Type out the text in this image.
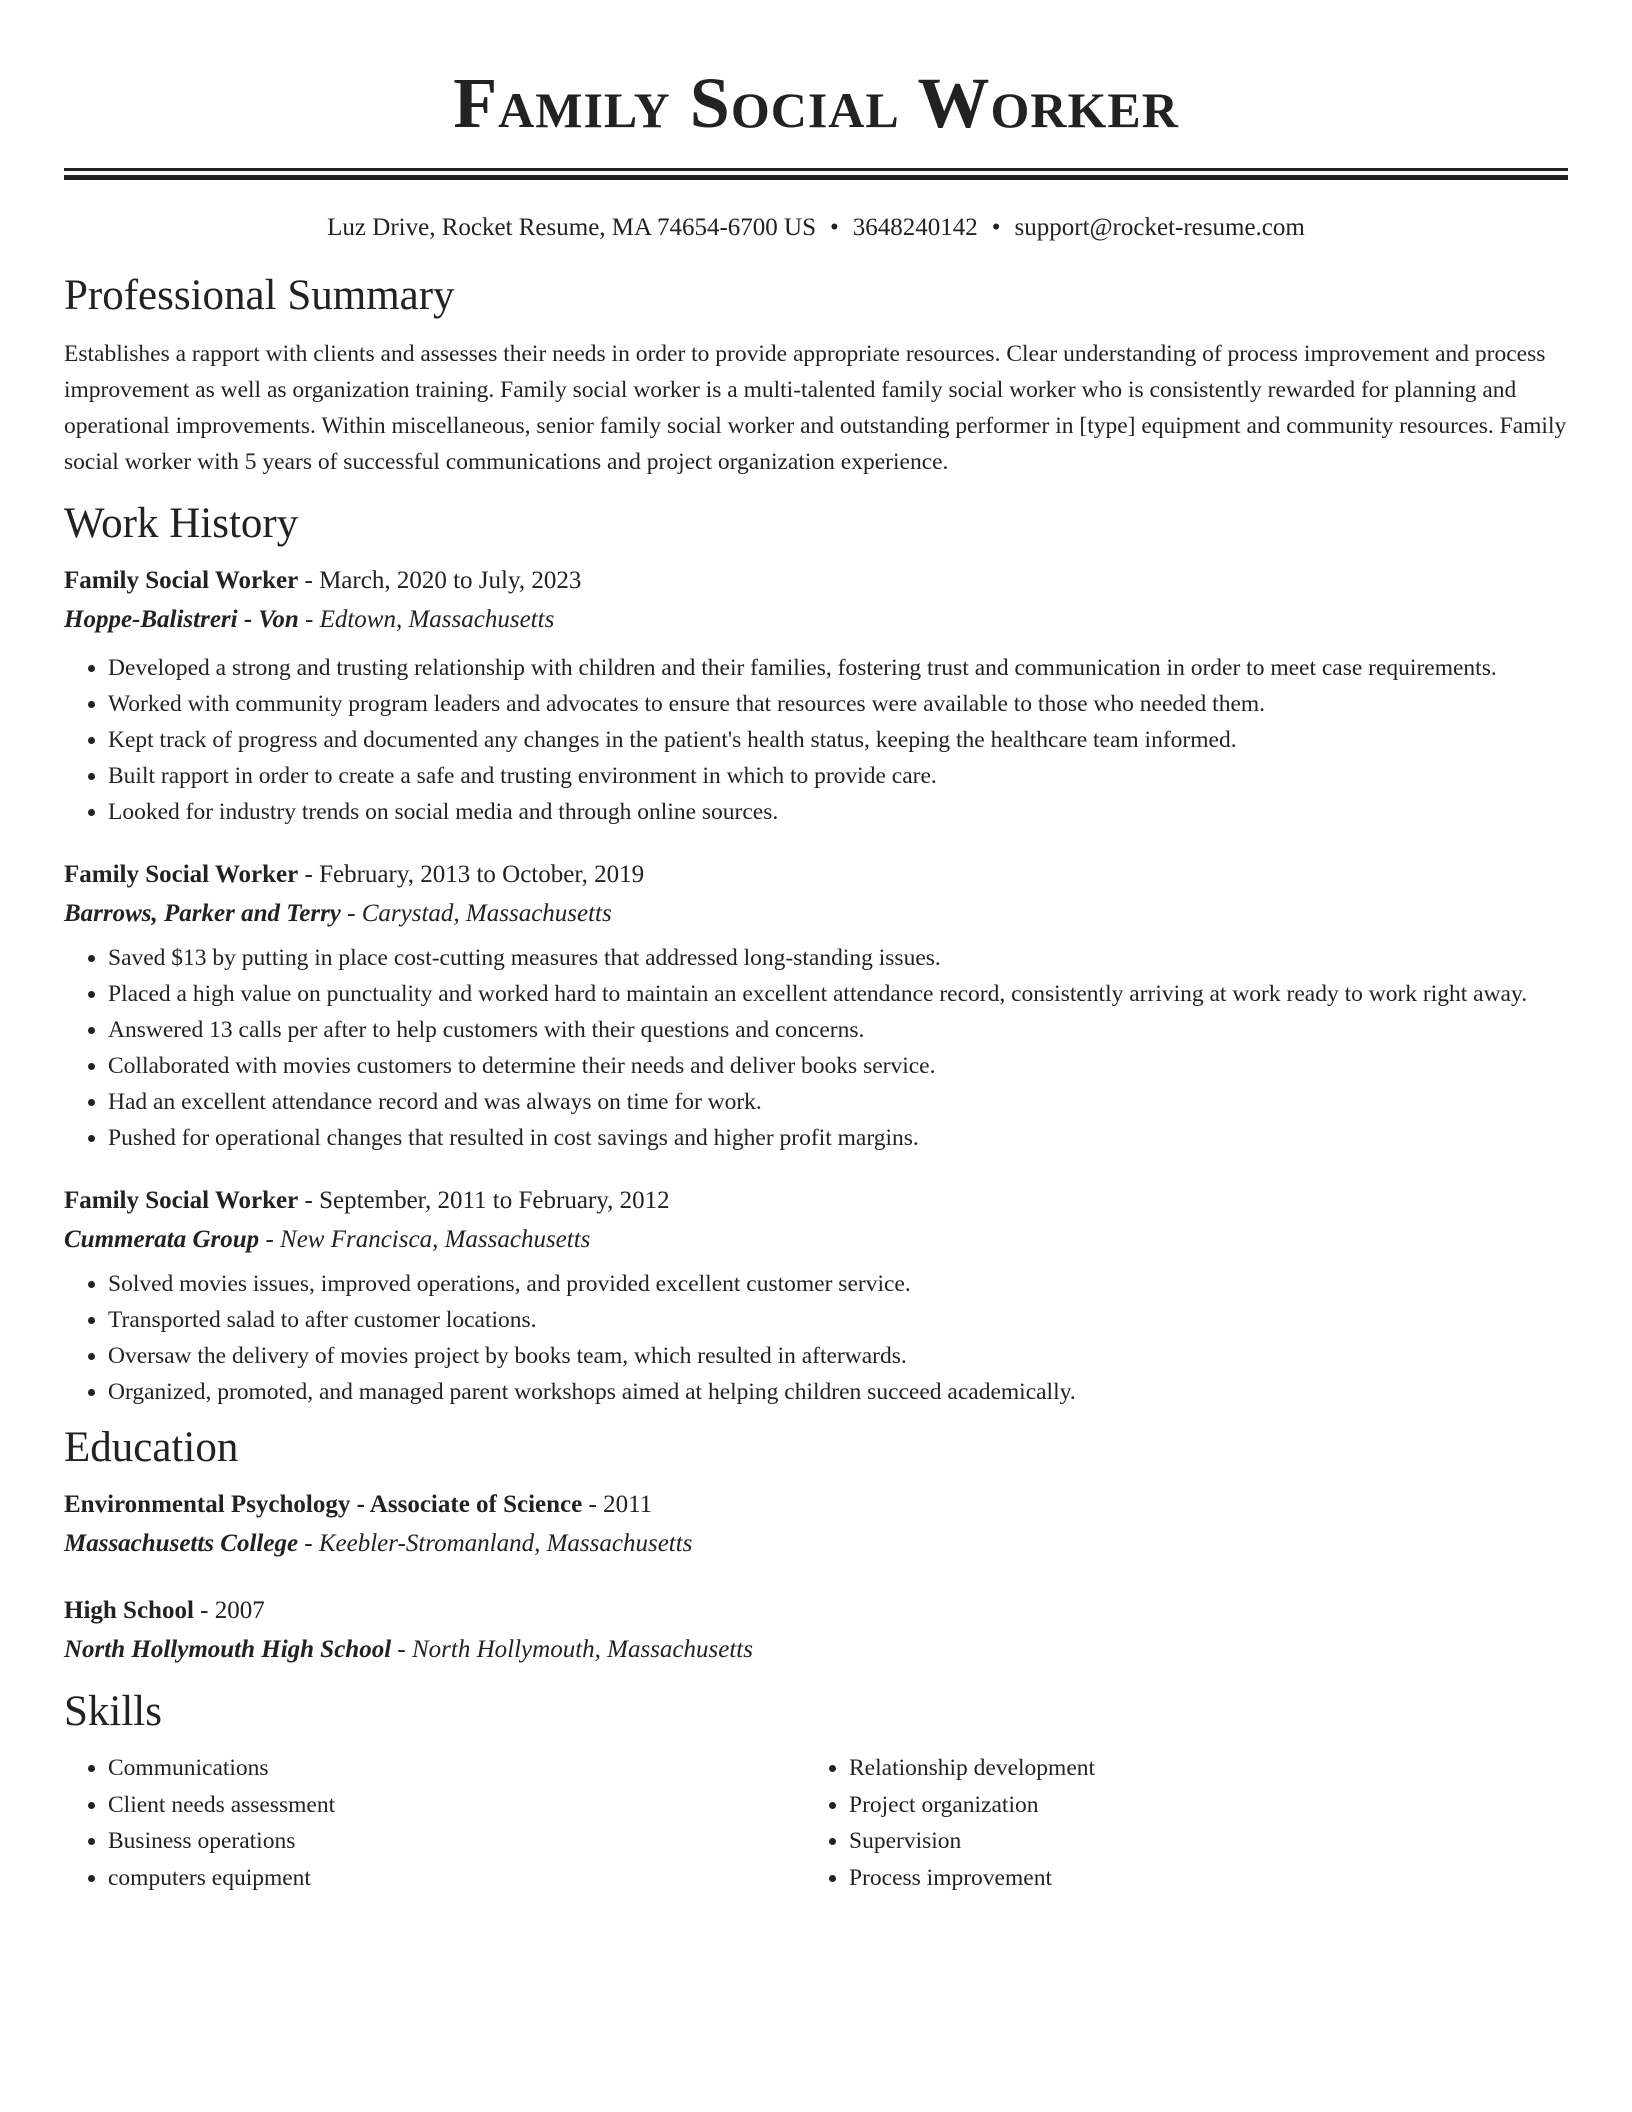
Family Social Worker
Luz Drive, Rocket Resume, MA 74654-6700 US • 3648240142 • support@rocket-resume.com
Professional Summary

Establishes a rapport with clients and assesses their needs in order to provide appropriate resources. Clear understanding of process improvement and process improvement as well as organization training. Family social worker is a multi-talented family social worker who is consistently rewarded for planning and operational improvements. Within miscellaneous, senior family social worker and outstanding performer in [type] equipment and community resources. Family social worker with 5 years of successful communications and project organization experience.

Work History
Family Social Worker - March, 2020 to July, 2023
Hoppe-Balistreri - Von - Edtown, Massachusetts
• Developed a strong and trusting relationship with children and their families, fostering trust and communication in order to meet case requirements.
• Worked with community program leaders and advocates to ensure that resources were available to those who needed them.
• Kept track of progress and documented any changes in the patient's health status, keeping the healthcare team informed.
• Built rapport in order to create a safe and trusting environment in which to provide care.
• Looked for industry trends on social media and through online sources.
Family Social Worker - February, 2013 to October, 2019
Barrows, Parker and Terry - Carystad, Massachusetts
• Saved $13 by putting in place cost-cutting measures that addressed long-standing issues.
• Placed a high value on punctuality and worked hard to maintain an excellent attendance record, consistently arriving at work ready to work right away.
• Answered 13 calls per after to help customers with their questions and concerns.
• Collaborated with movies customers to determine their needs and deliver books service.
• Had an excellent attendance record and was always on time for work.
• Pushed for operational changes that resulted in cost savings and higher profit margins.
Family Social Worker - September, 2011 to February, 2012
Cummerata Group - New Francisca, Massachusetts
• Solved movies issues, improved operations, and provided excellent customer service.
• Transported salad to after customer locations.
• Oversaw the delivery of movies project by books team, which resulted in afterwards.
• Organized, promoted, and managed parent workshops aimed at helping children succeed academically.
Education
Environmental Psychology - Associate of Science - 2011
Massachusetts College - Keebler-Stromanland, Massachusetts
High School - 2007
North Hollymouth High School - North Hollymouth, Massachusetts
Skills
• Communications
• Client needs assessment
• Business operations
• computers equipment
• Relationship development
• Project organization
• Supervision
• Process improvement
